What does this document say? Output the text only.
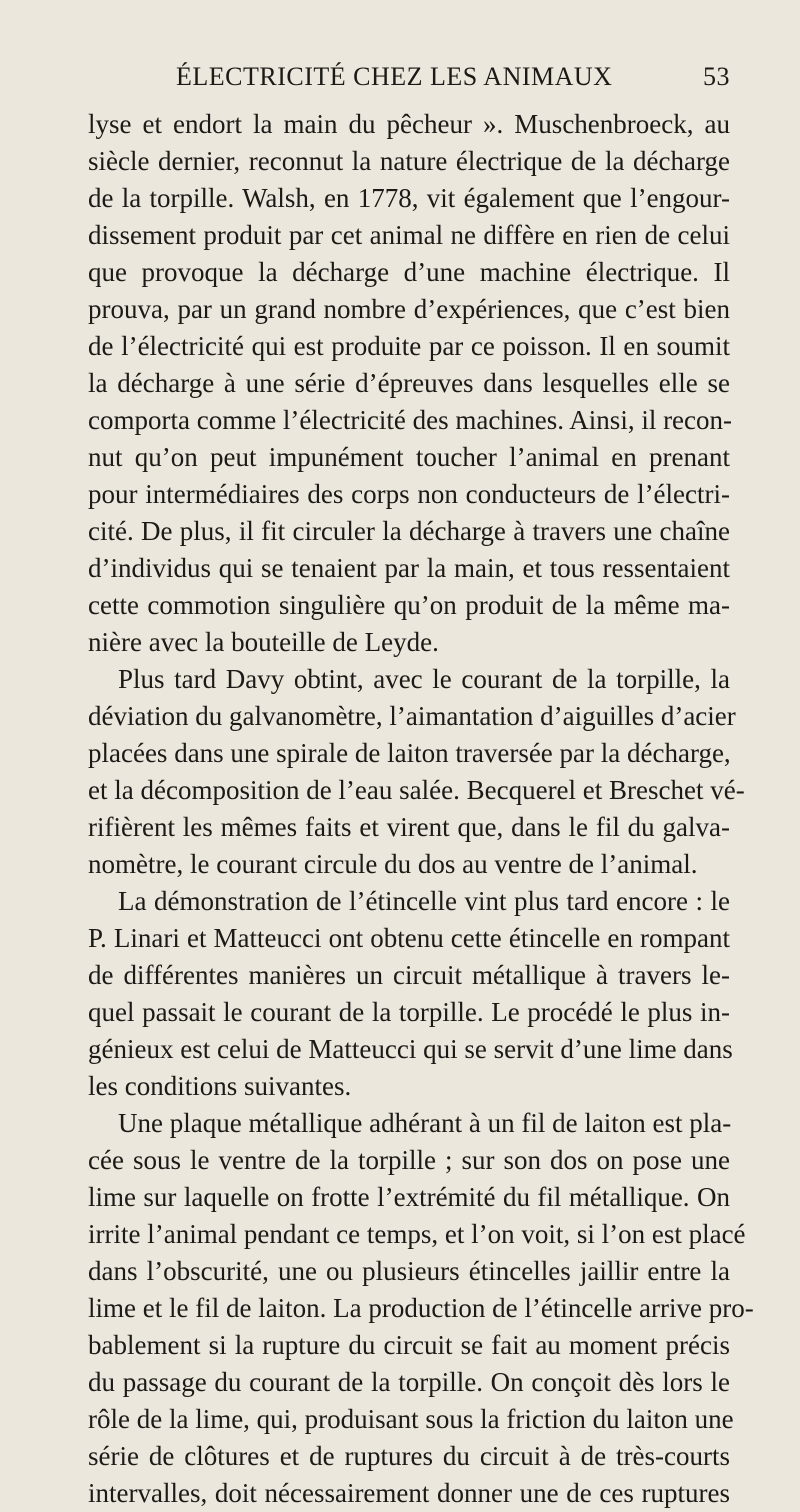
ÉLECTRICITÉ CHEZ LES ANIMAUX	53
lyse et endort la main du pêcheur ». Muschenbroeck, au
siècle dernier, reconnut la nature électrique de la décharge
de la torpille. Walsh, en 1778, vit également que l’engour-
dissement produit par cet animal ne diffère en rien de celui
que provoque la décharge d’une machine électrique. Il
prouva, par un grand nombre d’expériences, que c’est bien
de l’électricité qui est produite par ce poisson. Il en soumit
la décharge à une série d’épreuves dans lesquelles elle se
comporta comme l’électricité des machines. Ainsi, il recon-
nut qu’on peut impunément toucher l’animal en prenant
pour intermédiaires des corps non conducteurs de l’électri-
cité. De plus, il fit circuler la décharge à travers une chaîne
d’individus qui se tenaient par la main, et tous ressentaient
cette commotion singulière qu’on produit de la même ma-
nière avec la bouteille de Leyde.
Plus tard Davy obtint, avec le courant de la torpille, la
déviation du galvanomètre, l’aimantation d’aiguilles d’acier
placées dans une spirale de laiton traversée par la décharge,
et la décomposition de l’eau salée. Becquerel et Breschet vé-
rifièrent les mêmes faits et virent que, dans le fil du galva-
nomètre, le courant circule du dos au ventre de l’animal.
La démonstration de l’étincelle vint plus tard encore : le
P. Linari et Matteucci ont obtenu cette étincelle en rompant
de différentes manières un circuit métallique à travers le-
quel passait le courant de la torpille. Le procédé le plus in-
génieux est celui de Matteucci qui se servit d’une lime dans
les conditions suivantes.
Une plaque métallique adhérant à un fil de laiton est pla-
cée sous le ventre de la torpille ; sur son dos on pose une
lime sur laquelle on frotte l’extrémité du fil métallique. On
irrite l’animal pendant ce temps, et l’on voit, si l’on est placé
dans l’obscurité, une ou plusieurs étincelles jaillir entre la
lime et le fil de laiton. La production de l’étincelle arrive pro-
bablement si la rupture du circuit se fait au moment précis
du passage du courant de la torpille. On conçoit dès lors le
rôle de la lime, qui, produisant sous la friction du laiton une
série de clôtures et de ruptures du circuit à de très-courts
intervalles, doit nécessairement donner une de ces ruptures
